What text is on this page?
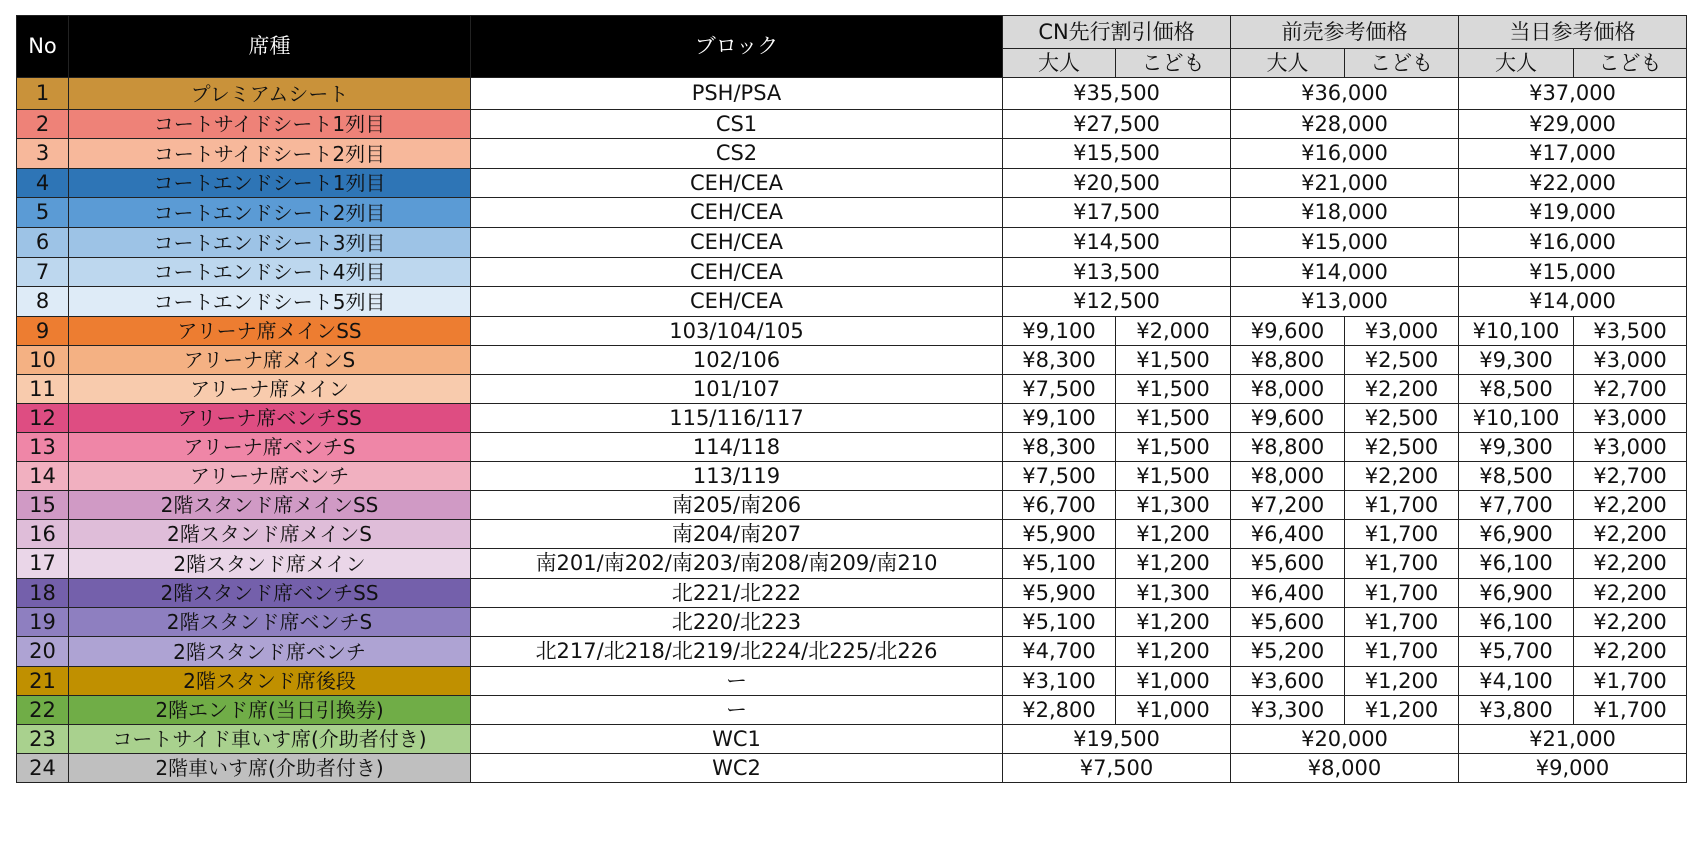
No	席種	ブロック	CN先行割引価格		前売参考価格		当日参考価格	
			大人	こども	大人	こども	大人	こども
1	プレミアムシート	PSH/PSA	¥35,500		¥36,000		¥37,000	
2	コートサイドシート1列目	CS1	¥27,500		¥28,000		¥29,000	
3	コートサイドシート2列目	CS2	¥15,500		¥16,000		¥17,000	
4	コートエンドシート1列目	CEH/CEA	¥20,500		¥21,000		¥22,000	
5	コートエンドシート2列目	CEH/CEA	¥17,500		¥18,000		¥19,000	
6	コートエンドシート3列目	CEH/CEA	¥14,500		¥15,000		¥16,000	
7	コートエンドシート4列目	CEH/CEA	¥13,500		¥14,000		¥15,000	
8	コートエンドシート5列目	CEH/CEA	¥12,500		¥13,000		¥14,000	
9	アリーナ席メインSS	103/104/105	¥9,100	¥2,000	¥9,600	¥3,000	¥10,100	¥3,500
10	アリーナ席メインS	102/106	¥8,300	¥1,500	¥8,800	¥2,500	¥9,300	¥3,000
11	アリーナ席メイン	101/107	¥7,500	¥1,500	¥8,000	¥2,200	¥8,500	¥2,700
12	アリーナ席ベンチSS	115/116/117	¥9,100	¥1,500	¥9,600	¥2,500	¥10,100	¥3,000
13	アリーナ席ベンチS	114/118	¥8,300	¥1,500	¥8,800	¥2,500	¥9,300	¥3,000
14	アリーナ席ベンチ	113/119	¥7,500	¥1,500	¥8,000	¥2,200	¥8,500	¥2,700
15	2階スタンド席メインSS	南205/南206	¥6,700	¥1,300	¥7,200	¥1,700	¥7,700	¥2,200
16	2階スタンド席メインS	南204/南207	¥5,900	¥1,200	¥6,400	¥1,700	¥6,900	¥2,200
17	2階スタンド席メイン	南201/南202/南203/南208/南209/南210	¥5,100	¥1,200	¥5,600	¥1,700	¥6,100	¥2,200
18	2階スタンド席ベンチSS	北221/北222	¥5,900	¥1,300	¥6,400	¥1,700	¥6,900	¥2,200
19	2階スタンド席ベンチS	北220/北223	¥5,100	¥1,200	¥5,600	¥1,700	¥6,100	¥2,200
20	2階スタンド席ベンチ	北217/北218/北219/北224/北225/北226	¥4,700	¥1,200	¥5,200	¥1,700	¥5,700	¥2,200
21	2階スタンド席後段	ー	¥3,100	¥1,000	¥3,600	¥1,200	¥4,100	¥1,700
22	2階エンド席(当日引換券)	ー	¥2,800	¥1,000	¥3,300	¥1,200	¥3,800	¥1,700
23	コートサイド車いす席(介助者付き)	WC1	¥19,500		¥20,000		¥21,000	
24	2階車いす席(介助者付き)	WC2	¥7,500		¥8,000		¥9,000	
